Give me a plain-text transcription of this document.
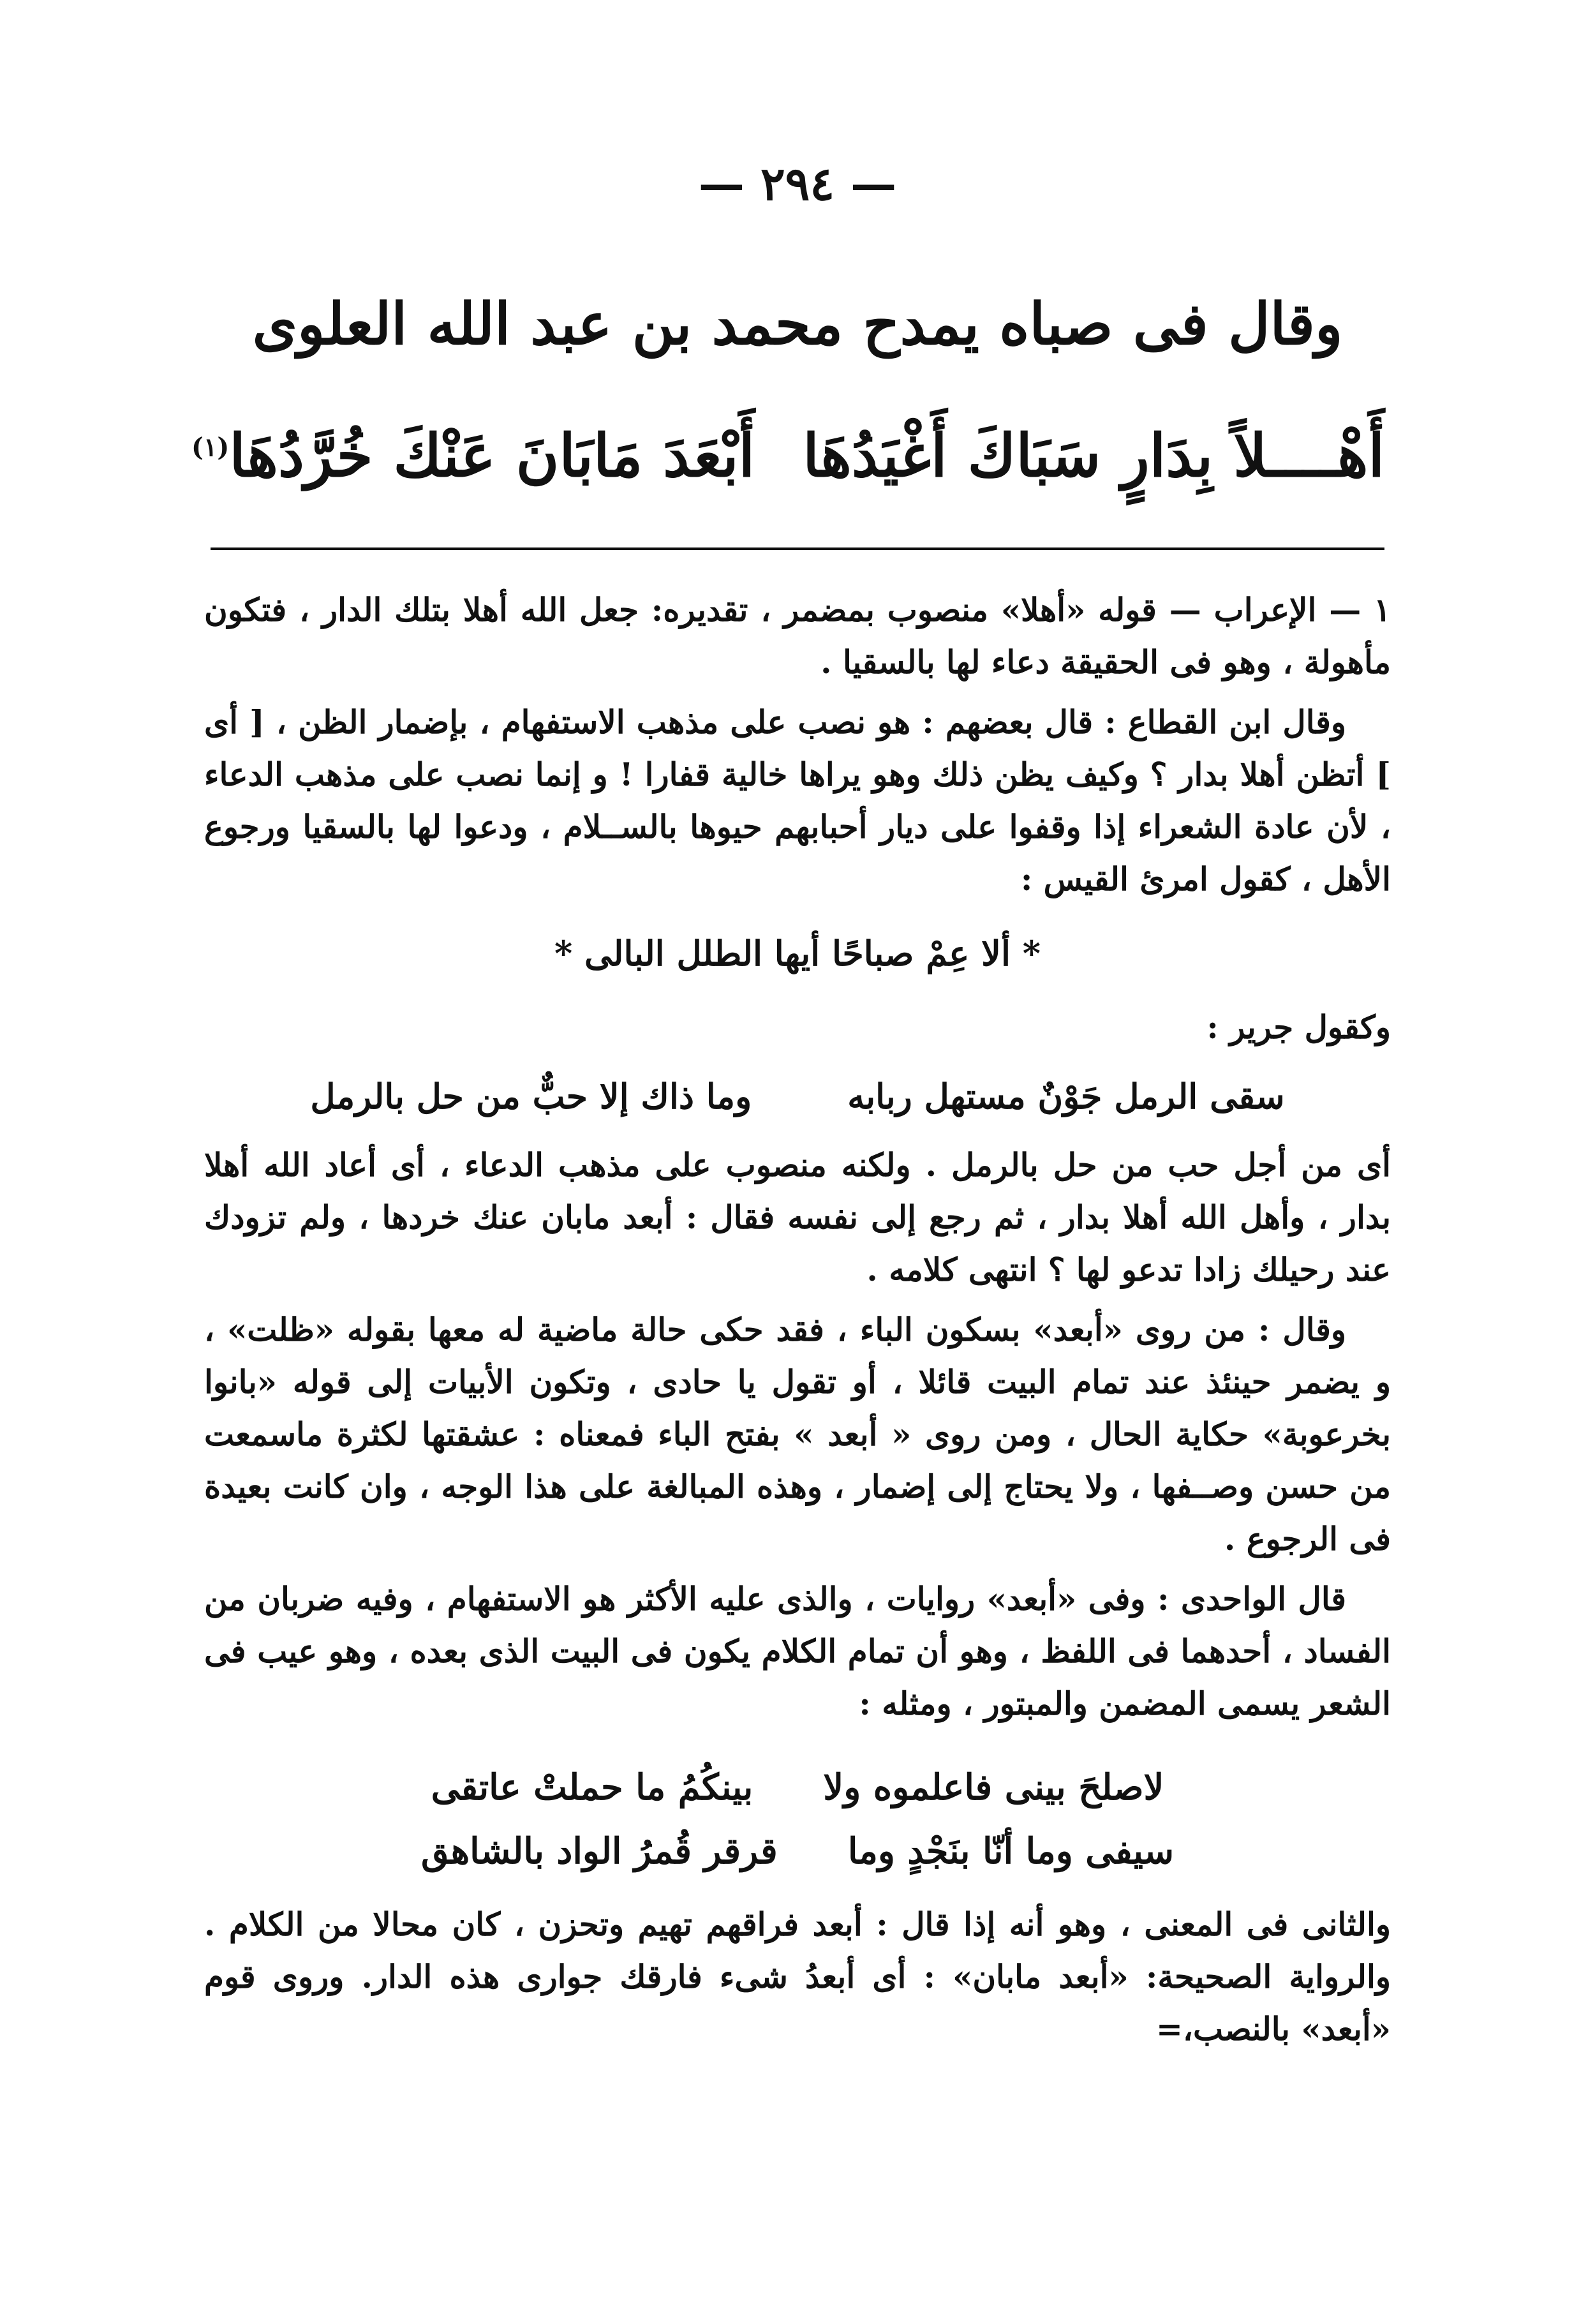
— ٢٩٤ —
وقال فى صباه يمدح محمد بن عبد الله العلوى
أَهْــــلاً بِدَارٍ سَبَاكَ أَغْيَدُهَا
أَبْعَدَ مَابَانَ عَنْكَ خُرَّدُهَا$^{(١)}$

١ — الإعراب — قوله «أهلا» منصوب بمضمر ، تقديره: جعل الله أهلا بتلك الدار ، فتكون مأهولة ، وهو فى الحقيقة دعاء لها بالسقيا .

وقال ابن القطاع : قال بعضهم : هو نصب على مذهب الاستفهام ، بإضمار الظن ، [ أى ] أتظن أهلا بدار ؟ وكيف يظن ذلك وهو يراها خالية قفارا ! و إنما نصب على مذهب الدعاء ، لأن عادة الشعراء إذا وقفوا على ديار أحبابهم حيوها بالســلام ، ودعوا لها بالسقيا ورجوع الأهل ، كقول امرئ القيس :

* ألا عِمْ صباحًا أيها الطلل البالى *

وكقول جرير :

سقى الرمل جَوْنٌ مستهل ربابه
وما ذاك إلا حبٌّ من حل بالرمل

أى من أجل حب من حل بالرمل . ولكنه منصوب على مذهب الدعاء ، أى أعاد الله أهلا بدار ، وأهل الله أهلا بدار ، ثم رجع إلى نفسه فقال : أبعد مابان عنك خردها ، ولم تزودك عند رحيلك زادا تدعو لها ؟ انتهى كلامه .

وقال : من روى «أبعد» بسكون الباء ، فقد حكى حالة ماضية له معها بقوله «ظلت» ، و يضمر حينئذ عند تمام البيت قائلا ، أو تقول يا حادى ، وتكون الأبيات إلى قوله «بانوا بخرعوبة» حكاية الحال ، ومن روى « أبعد » بفتح الباء فمعناه : عشقتها لكثرة ماسمعت من حسن وصــفها ، ولا يحتاج إلى إضمار ، وهذه المبالغة على هذا الوجه ، وان كانت بعيدة فى الرجوع .

قال الواحدى : وفى «أبعد» روايات ، والذى عليه الأكثر هو الاستفهام ، وفيه ضربان من الفساد ، أحدهما فى اللفظ ، وهو أن تمام الكلام يكون فى البيت الذى بعده ، وهو عيب فى الشعر يسمى المضمن والمبتور ، ومثله :

لاصلحَ بينى فاعلموه ولا
بينكُمُ ما حملتْ عاتقى
سيفى وما أنّا بنَجْدٍ وما
قرقر قُمرُ الواد بالشاهق

والثانى فى المعنى ، وهو أنه إذا قال : أبعد فراقهم تهيم وتحزن ، كان محالا من الكلام . والرواية الصحيحة: «أبعد مابان» : أى أبعدُ شىء فارقك جوارى هذه الدار. وروى قوم «أبعد» بالنصب،=
